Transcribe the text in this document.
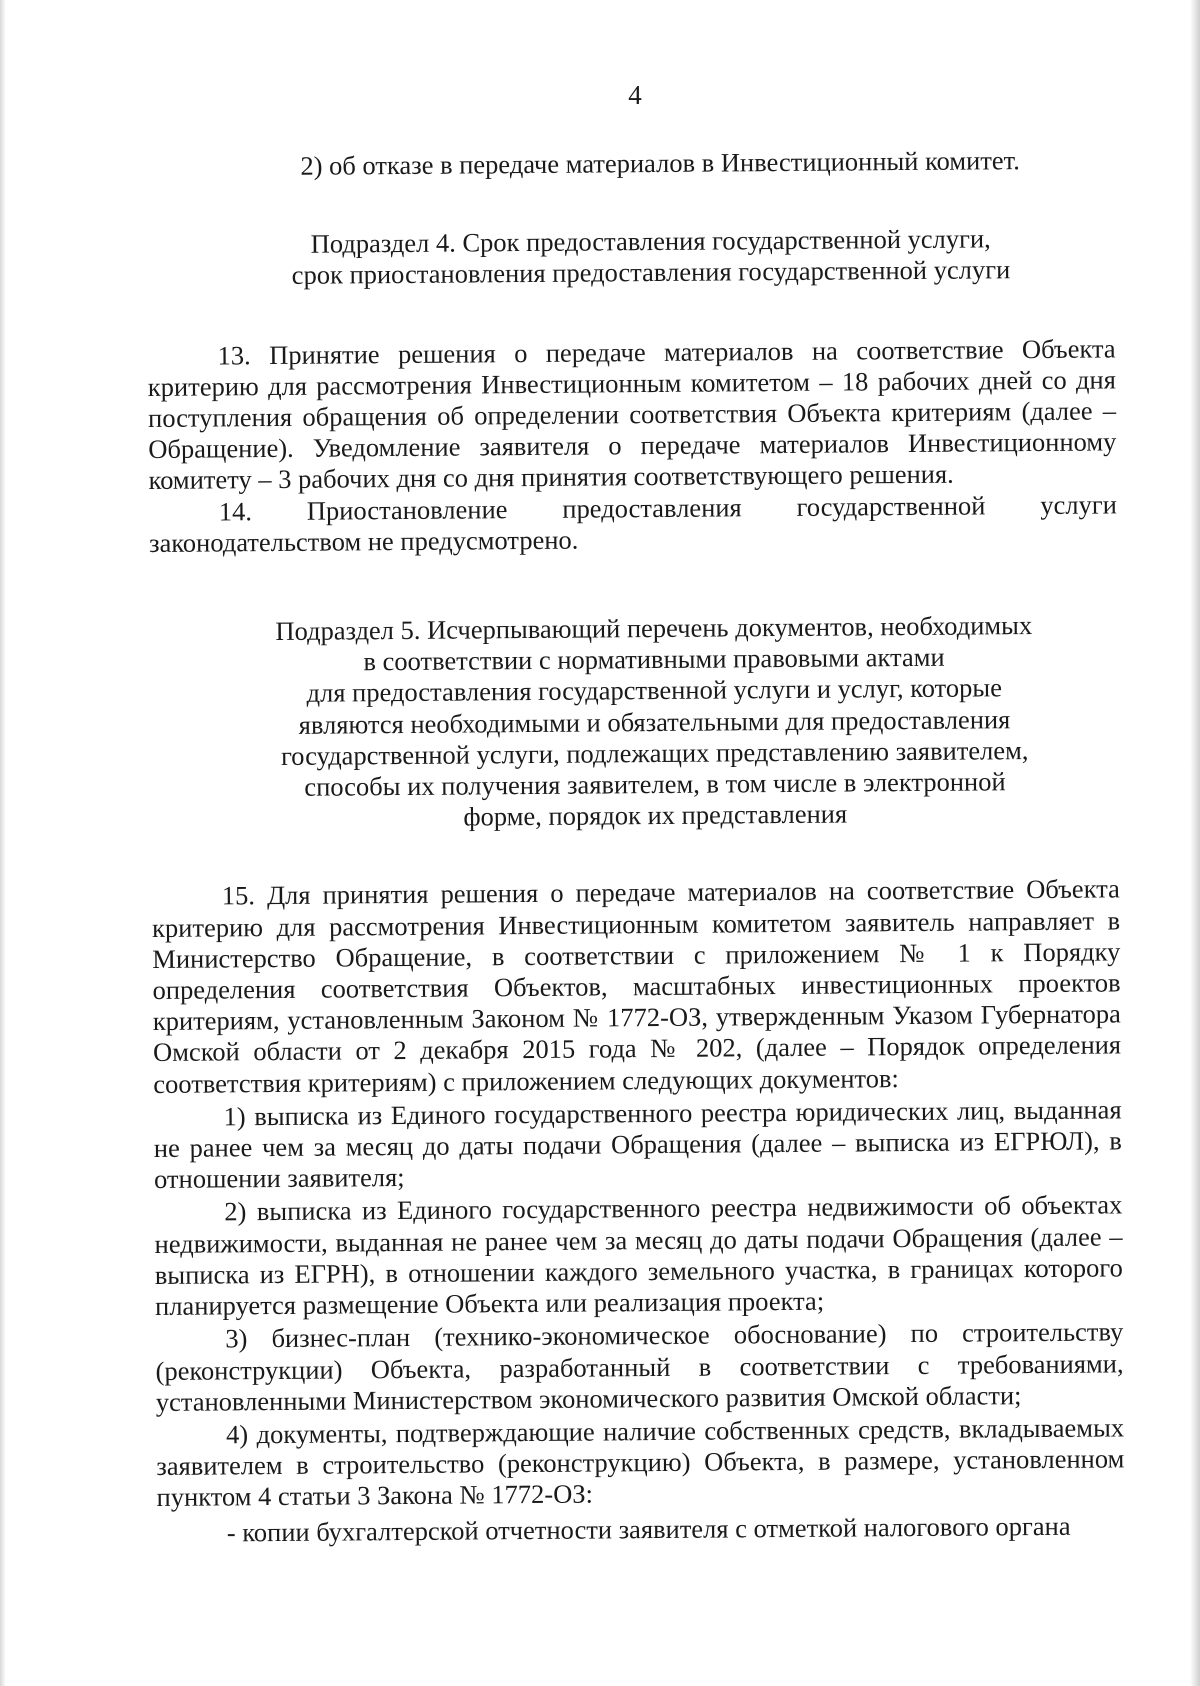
4

2) об отказе в передаче материалов в Инвестиционный комитет.

Подраздел 4. Срок предоставления государственной услуги,

срок приостановления предоставления государственной услуги

13. Принятие решения о передаче материалов на соответствие Объекта критерию для рассмотрения Инвестиционным комитетом – 18 рабочих дней со дня поступления обращения об определении соответствия Объекта критериям (далее – Обращение). Уведомление заявителя о передаче материалов Инвестиционному комитету – 3 рабочих дня со дня принятия соответствующего решения.

14. Приостановление предоставления государственной услуги законодательством не предусмотрено.

Подраздел 5. Исчерпывающий перечень документов, необходимых

в соответствии с нормативными правовыми актами

для предоставления государственной услуги и услуг, которые

являются необходимыми и обязательными для предоставления

государственной услуги, подлежащих представлению заявителем,

способы их получения заявителем, в том числе в электронной

форме, порядок их представления

15. Для принятия решения о передаче материалов на соответствие Объекта критерию для рассмотрения Инвестиционным комитетом заявитель направляет в Министерство Обращение, в соответствии с приложением № 1 к Порядку определения соответствия Объектов, масштабных инвестиционных проектов критериям, установленным Законом № 1772-ОЗ, утвержденным Указом Губернатора Омской области от 2 декабря 2015 года № 202, (далее – Порядок определения соответствия критериям) с приложением следующих документов:

1) выписка из Единого государственного реестра юридических лиц, выданная не ранее чем за месяц до даты подачи Обращения (далее – выписка из ЕГРЮЛ), в отношении заявителя;

2) выписка из Единого государственного реестра недвижимости об объектах недвижимости, выданная не ранее чем за месяц до даты подачи Обращения (далее – выписка из ЕГРН), в отношении каждого земельного участка, в границах которого планируется размещение Объекта или реализация проекта;

3) бизнес-план (технико-экономическое обоснование) по строительству (реконструкции) Объекта, разработанный в соответствии с требованиями, установленными Министерством экономического развития Омской области;

4) документы, подтверждающие наличие собственных средств, вкладываемых заявителем в строительство (реконструкцию) Объекта, в размере, установленном пунктом 4 статьи 3 Закона № 1772-ОЗ:

- копии бухгалтерской отчетности заявителя с отметкой налогового органа
